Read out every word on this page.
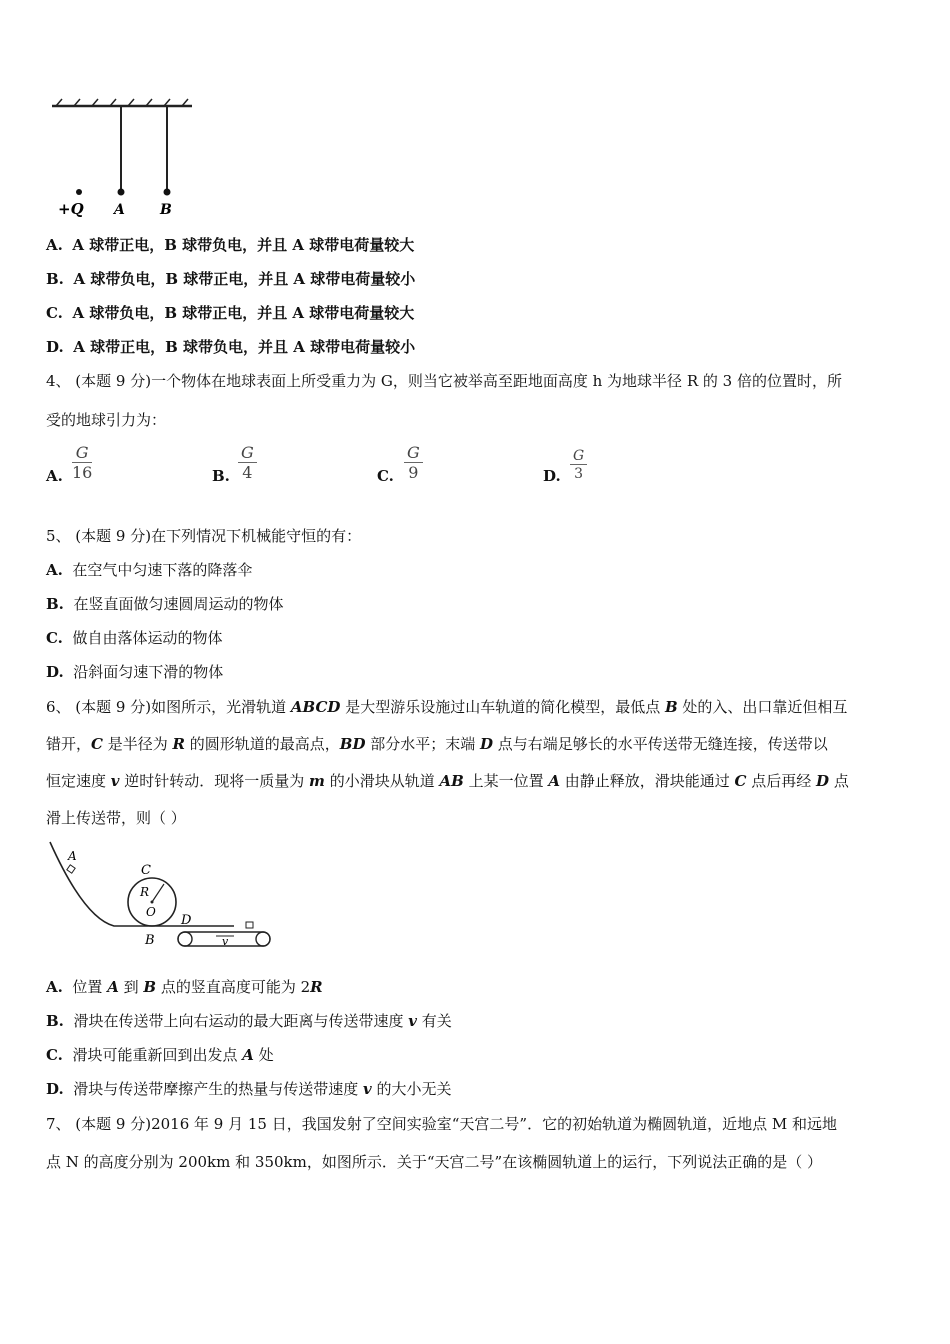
+Q A	B
A. A 球带正电，B 球带负电，并且 A 球带电荷量较大
B. A 球带负电，B 球带正电，并且 A 球带电荷量较小
C. A 球带负电，B 球带正电，并且 A 球带电荷量较大
D. A 球带正电，B 球带负电，并且 A 球带电荷量较小
4、 (本题 9 分)一个物体在地球表面上所受重力为 G，则当它被举高至距地面高度 h 为地球半径 R 的 3 倍的位置时，所
受的地球引力为：
A. $\frac{G}{16}$	B. $\frac{G}{4}$	C. $\frac{G}{9}$	D. $\frac{G}{3}$
5、 (本题 9 分)在下列情况下机械能守恒的有：
A. 在空气中匀速下落的降落伞
B. 在竖直面做匀速圆周运动的物体
C. 做自由落体运动的物体
D. 沿斜面匀速下滑的物体
6、 (本题 9 分)如图所示，光滑轨道 ABCD 是大型游乐设施过山车轨道的简化模型，最低点 B 处的入、出口靠近但相互
错开，C 是半径为 R 的圆形轨道的最高点，BD 部分水平；末端 D 点与右端足够长的水平传送带无缝连接，传送带以
恒定速度 v 逆时针转动．现将一质量为 m 的小滑块从轨道 AB 上某一位置 A 由静止释放，滑块能通过 C 点后再经 D 点
滑上传送带，则（ ）
A
C
R
O
D
B	v
A. 位置 A 到 B 点的竖直高度可能为 2R
B. 滑块在传送带上向右运动的最大距离与传送带速度 v 有关
C. 滑块可能重新回到出发点 A 处
D. 滑块与传送带摩擦产生的热量与传送带速度 v 的大小无关
7、 (本题 9 分)2016 年 9 月 15 日，我国发射了空间实验室“天宫二号”．它的初始轨道为椭圆轨道，近地点 M 和远地
点 N 的高度分别为 200km 和 350km，如图所示．关于“天宫二号”在该椭圆轨道上的运行，下列说法正确的是（ ）
